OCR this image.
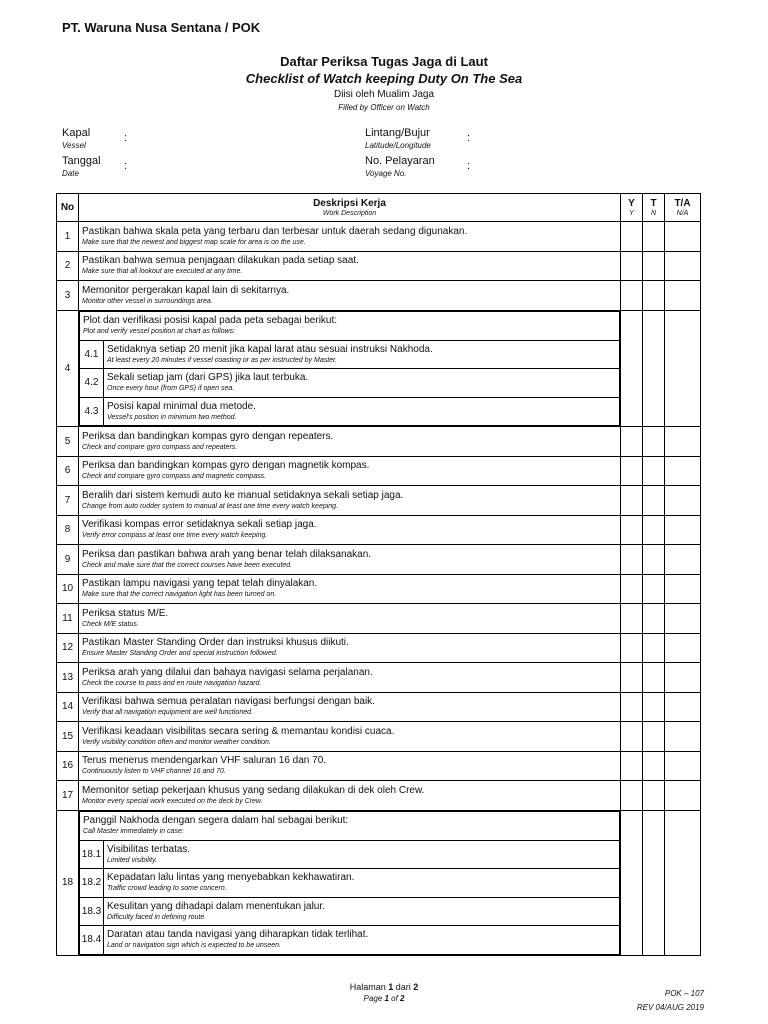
PT. Waruna Nusa Sentana / POK
Daftar Periksa Tugas Jaga di Laut
Checklist of Watch keeping Duty On The Sea
Diisi oleh Mualim Jaga
Filled by Officer on Watch
Kapal
Vessel
:
Tanggal
Date
:
Lintang/Bujur
Latitude/Longitude
:
No. Pelayaran
Voyage No.
:
No	Deskripsi Kerja
Work Description
	Y
Y
	T
N
	T/A
N/A

1	Pastikan bahwa skala peta yang terbaru dan terbesar untuk daerah sedang digunakan.
Make sure that the newest and biggest map scale for area is on the use.

2	Pastikan bahwa semua penjagaan dilakukan pada setiap saat.
Make sure that all lookout are executed at any time.

3	Memonitor pergerakan kapal lain di sekitarnya.
Monitor other vessel in surroundings area.

4	
Plot dan verifikasi posisi kapal pada peta sebagai berikut:
Plot and verify vessel position at chart as follows:

4.1	Setidaknya setiap 20 menit jika kapal larat atau sesuai instruksi Nakhoda.
At least every 20 minutes if vessel coasting or as per instructed by Master.

4.2	Sekali setiap jam (dari GPS) jika laut terbuka.
Once every hour (from GPS) if open sea.

4.3	Posisi kapal minimal dua metode.
Vessel's position in minimum two method.

5	Periksa dan bandingkan kompas gyro dengan repeaters.
Check and compare gyro compass and repeaters.

6	Periksa dan bandingkan kompas gyro dengan magnetik kompas.
Check and compare gyro compass and magnetic compass.

7	Beralih dari sistem kemudi auto ke manual setidaknya sekali setiap jaga.
Change from auto rudder system to manual at least one time every watch keeping.

8	Verifikasi kompas error setidaknya sekali setiap jaga.
Verify error compass at least one time every watch keeping.

9	Periksa dan pastikan bahwa arah yang benar telah dilaksanakan.
Check and make sure that the correct courses have been executed.

10	Pastikan lampu navigasi yang tepat telah dinyalakan.
Make sure that the correct navigation light has been turned on.

11	Periksa status M/E.
Check M/E status.

12	Pastikan Master Standing Order dan instruksi khusus diikuti.
Ensure Master Standing Order and special instruction followed.

13	Periksa arah yang dilalui dan bahaya navigasi selama perjalanan.
Check the course to pass and en route navigation hazard.

14	Verifikasi bahwa semua peralatan navigasi berfungsi dengan baik.
Verify that all navigation equipment are well functioned.

15	Verifikasi keadaan visibilitas secara sering & memantau kondisi cuaca.
Verify visibility condition often and monitor weather condition.

16	Terus menerus mendengarkan VHF saluran 16 dan 70.
Continuously listen to VHF channel 16 and 70.

17	Memonitor setiap pekerjaan khusus yang sedang dilakukan di dek oleh Crew.
Monitor every special work executed on the deck by Crew.

18	
Panggil Nakhoda dengan segera dalam hal sebagai berikut:
Call Master immediately in case:

18.1	Visibilitas terbatas.
Limited visibility.

18.2	Kepadatan lalu lintas yang menyebabkan kekhawatiran.
Traffic crowd leading to some concern.

18.3	Kesulitan yang dihadapi dalam menentukan jalur.
Difficulty faced in defining route.

18.4	Daratan atau tanda navigasi yang diharapkan tidak terlihat.
Land or navigation sign which is expected to be unseen.

Halaman 1 dari 2
Page 1 of 2
POK – 107
REV 04/AUG 2019
